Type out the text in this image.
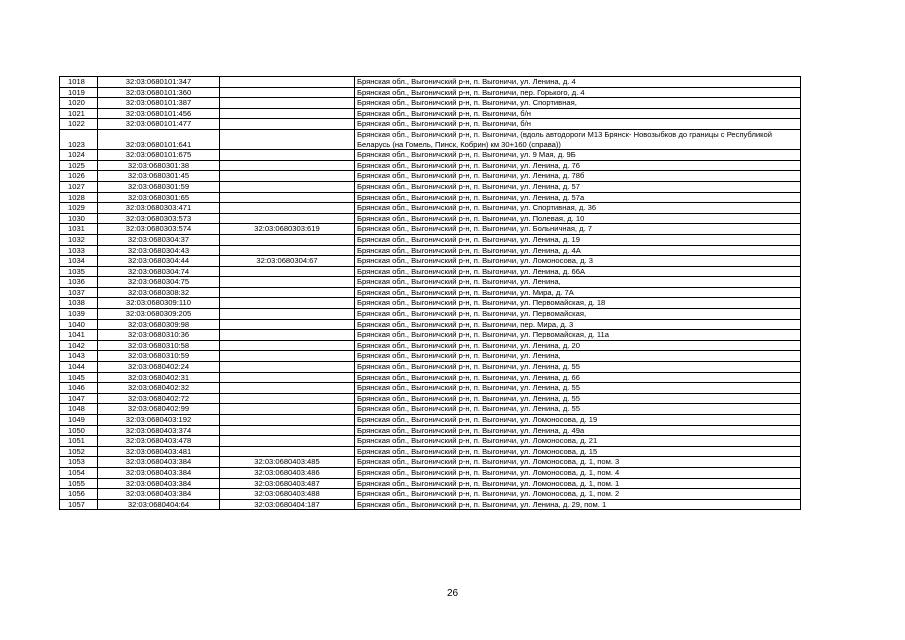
1018	32:03:0680101:347		Брянская обл., Выгоничский р-н, п. Выгоничи, ул. Ленина, д. 4
1019	32:03:0680101:360		Брянская обл., Выгоничский р-н, п. Выгоничи, пер. Горького, д. 4
1020	32:03:0680101:387		Брянская обл., Выгоничский р-н, п. Выгоничи, ул. Спортивная,
1021	32:03:0680101:456		Брянская обл., Выгоничский р-н, п. Выгоничи, б/н
1022	32:03:0680101:477		Брянская обл., Выгоничский р-н, п. Выгоничи, б/н
1023	32:03:0680101:641		Брянская обл., Выгоничский р-н, п. Выгоничи, (вдоль автодороги М13 Брянск- Новозыбков до границы с Республикой Беларусь (на Гомель, Пинск, Кобрин) км 30+160 (справа))
1024	32:03:0680101:675		Брянская обл., Выгоничский р-н, п. Выгоничи, ул. 9 Мая, д. 9Б
1025	32:03:0680301:38		Брянская обл., Выгоничский р-н, п. Выгоничи, ул. Ленина, д. 76
1026	32:03:0680301:45		Брянская обл., Выгоничский р-н, п. Выгоничи, ул. Ленина, д. 78б
1027	32:03:0680301:59		Брянская обл., Выгоничский р-н, п. Выгоничи, ул. Ленина, д. 57
1028	32:03:0680301:65		Брянская обл., Выгоничский р-н, п. Выгоничи, ул. Ленина, д. 57а
1029	32:03:0680303:471		Брянская обл., Выгоничский р-н, п. Выгоничи, ул. Спортивная, д. 36
1030	32:03:0680303:573		Брянская обл., Выгоничский р-н, п. Выгоничи, ул. Полевая, д. 10
1031	32:03:0680303:574	32:03:0680303:619	Брянская обл., Выгоничский р-н, п. Выгоничи, ул. Больничная, д. 7
1032	32:03:0680304:37		Брянская обл., Выгоничский р-н, п. Выгоничи, ул. Ленина, д. 19
1033	32:03:0680304:43		Брянская обл., Выгоничский р-н, п. Выгоничи, ул. Ленина, д. 4А
1034	32:03:0680304:44	32:03:0680304:67	Брянская обл., Выгоничский р-н, п. Выгоничи, ул. Ломоносова, д. 3
1035	32:03:0680304:74		Брянская обл., Выгоничский р-н, п. Выгоничи, ул. Ленина, д. 66А
1036	32:03:0680304:75		Брянская обл., Выгоничский р-н, п. Выгоничи, ул. Ленина,
1037	32:03:0680308:32		Брянская обл., Выгоничский р-н, п. Выгоничи, ул. Мира, д. 7А
1038	32:03:0680309:110		Брянская обл., Выгоничский р-н, п. Выгоничи, ул. Первомайская, д. 18
1039	32:03:0680309:205		Брянская обл., Выгоничский р-н, п. Выгоничи, ул. Первомайская,
1040	32:03:0680309:98		Брянская обл., Выгоничский р-н, п. Выгоничи, пер. Мира, д. 3
1041	32:03:0680310:36		Брянская обл., Выгоничский р-н, п. Выгоничи, ул. Первомайская, д. 11а
1042	32:03:0680310:58		Брянская обл., Выгоничский р-н, п. Выгоничи, ул. Ленина, д. 20
1043	32:03:0680310:59		Брянская обл., Выгоничский р-н, п. Выгоничи, ул. Ленина,
1044	32:03:0680402:24		Брянская обл., Выгоничский р-н, п. Выгоничи, ул. Ленина, д. 55
1045	32:03:0680402:31		Брянская обл., Выгоничский р-н, п. Выгоничи, ул. Ленина, д. 66
1046	32:03:0680402:32		Брянская обл., Выгоничский р-н, п. Выгоничи, ул. Ленина, д. 55
1047	32:03:0680402:72		Брянская обл., Выгоничский р-н, п. Выгоничи, ул. Ленина, д. 55
1048	32:03:0680402:99		Брянская обл., Выгоничский р-н, п. Выгоничи, ул. Ленина, д. 55
1049	32:03:0680403:192		Брянская обл., Выгоничский р-н, п. Выгоничи, ул. Ломоносова, д. 19
1050	32:03:0680403:374		Брянская обл., Выгоничский р-н, п. Выгоничи, ул. Ленина, д. 49а
1051	32:03:0680403:478		Брянская обл., Выгоничский р-н, п. Выгоничи, ул. Ломоносова, д. 21
1052	32:03:0680403:481		Брянская обл., Выгоничский р-н, п. Выгоничи, ул. Ломоносова, д. 15
1053	32:03:0680403:384	32:03:0680403:485	Брянская обл., Выгоничский р-н, п. Выгоничи, ул. Ломоносова, д. 1, пом. 3
1054	32:03:0680403:384	32:03:0680403:486	Брянская обл., Выгоничский р-н, п. Выгоничи, ул. Ломоносова, д. 1, пом. 4
1055	32:03:0680403:384	32:03:0680403:487	Брянская обл., Выгоничский р-н, п. Выгоничи, ул. Ломоносова, д. 1, пом. 1
1056	32:03:0680403:384	32:03:0680403:488	Брянская обл., Выгоничский р-н, п. Выгоничи, ул. Ломоносова, д. 1, пом. 2
1057	32:03:0680404:64	32:03:0680404:187	Брянская обл., Выгоничский р-н, п. Выгоничи, ул. Ленина, д. 29, пом. 1
26
